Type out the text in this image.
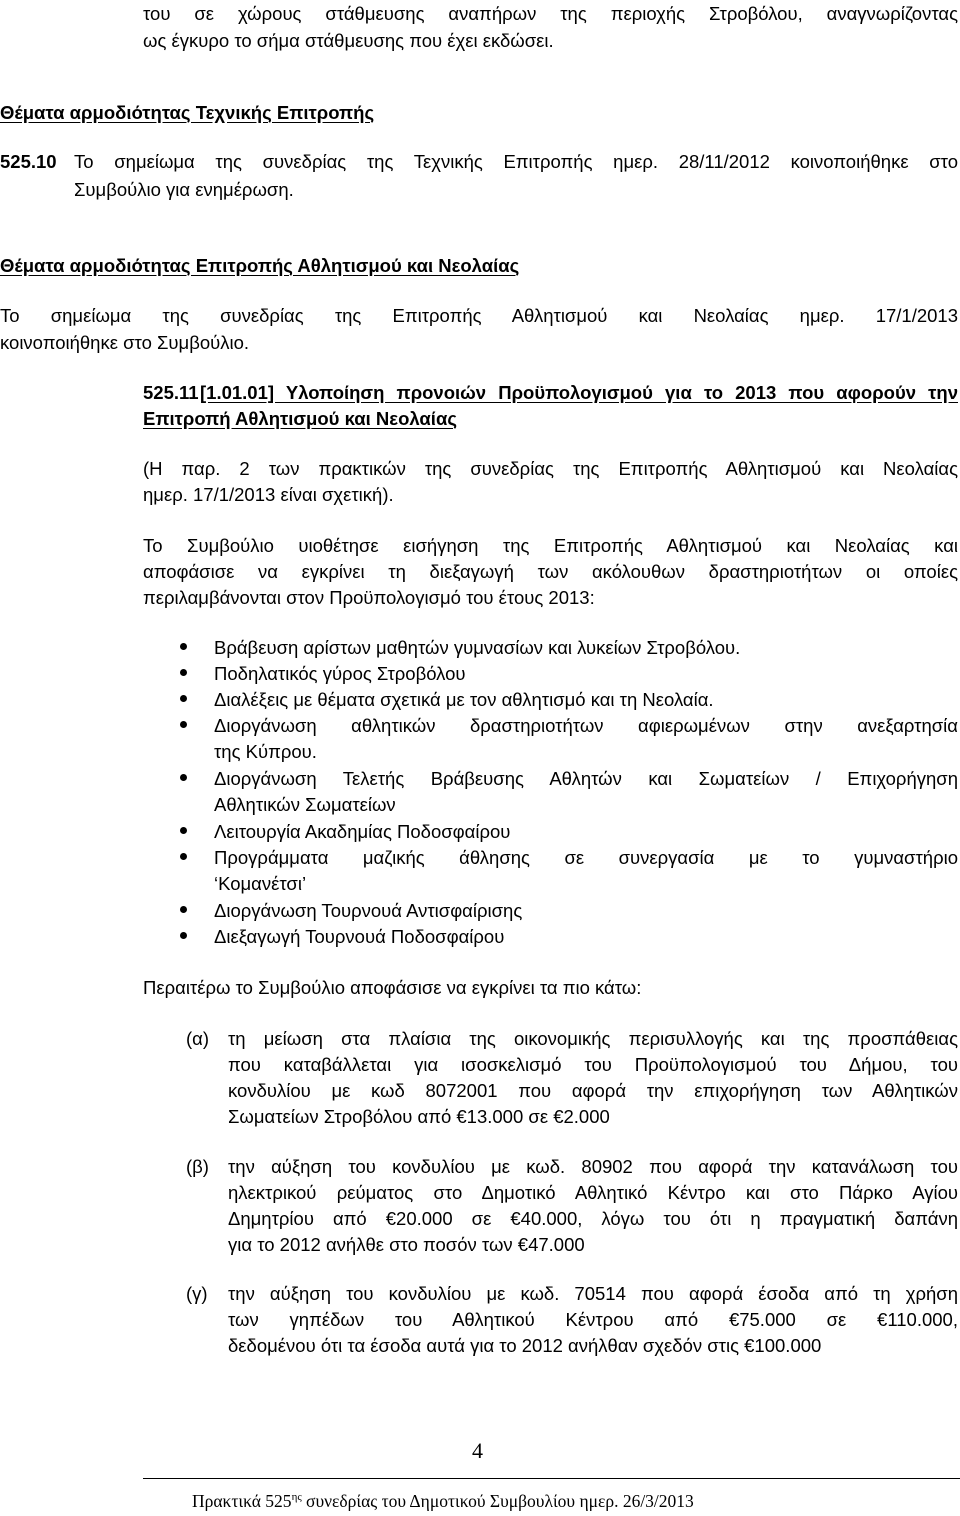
του σε χώρους στάθμευσης αναπήρων της περιοχής Στροβόλου, αναγνωρίζοντας
ως έγκυρο το σήμα στάθμευσης που έχει εκδώσει.
Θέματα αρμοδιότητας Τεχνικής Επιτροπής
525.10 Το σημείωμα της συνεδρίας της Τεχνικής Επιτροπής ημερ. 28/11/2012 κοινοποιήθηκε στο
Συμβούλιο για ενημέρωση.
Θέματα αρμοδιότητας Επιτροπής Αθλητισμού και Νεολαίας
Το σημείωμα της συνεδρίας της Επιτροπής Αθλητισμού και Νεολαίας ημερ. 17/1/2013
κοινοποιήθηκε στο Συμβούλιο.
525.11 [1.01.01] Υλοποίηση προνοιών Προϋπολογισμού για το 2013 που αφορούν την
Επιτροπή Αθλητισμού και Νεολαίας
(Η παρ. 2 των πρακτικών της συνεδρίας της Επιτροπής Αθλητισμού και Νεολαίας
ημερ. 17/1/2013 είναι σχετική).
Το Συμβούλιο υιοθέτησε εισήγηση της Επιτροπής Αθλητισμού και Νεολαίας και
αποφάσισε να εγκρίνει τη διεξαγωγή των ακόλουθων δραστηριοτήτων οι οποίες
περιλαμβάνονται στον Προϋπολογισμό του έτους 2013:
Βράβευση αρίστων μαθητών γυμνασίων και λυκείων Στροβόλου.
Ποδηλατικός γύρος Στροβόλου
Διαλέξεις με θέματα σχετικά με τον αθλητισμό και τη Νεολαία.
Διοργάνωση αθλητικών δραστηριοτήτων αφιερωμένων στην ανεξαρτησία
της Κύπρου.
Διοργάνωση Τελετής Βράβευσης Αθλητών και Σωματείων / Επιχορήγηση
Αθλητικών Σωματείων
Λειτουργία Ακαδημίας Ποδοσφαίρου
Προγράμματα μαζικής άθλησης σε συνεργασία με το γυμναστήριο
‘Κομανέτσι’
Διοργάνωση Τουρνουά Αντισφαίρισης
Διεξαγωγή Τουρνουά Ποδοσφαίρου
Περαιτέρω το Συμβούλιο αποφάσισε να εγκρίνει τα πιο κάτω:
(α) τη μείωση στα πλαίσια της οικονομικής περισυλλογής και της προσπάθειας
που καταβάλλεται για ισοσκελισμό του Προϋπολογισμού του Δήμου, του
κονδυλίου με κωδ 8072001 που αφορά την επιχορήγηση των Αθλητικών
Σωματείων Στροβόλου από €13.000 σε €2.000
(β) την αύξηση του κονδυλίου με κωδ. 80902 που αφορά την κατανάλωση του
ηλεκτρικού ρεύματος στο Δημοτικό Αθλητικό Κέντρο και στο Πάρκο Αγίου
Δημητρίου από €20.000 σε €40.000, λόγω του ότι η πραγματική δαπάνη
για το 2012 ανήλθε στο ποσόν των €47.000
(γ) την αύξηση του κονδυλίου με κωδ. 70514 που αφορά έσοδα από τη χρήση
των γηπέδων του Αθλητικού Κέντρου από €75.000 σε €110.000,
δεδομένου ότι τα έσοδα αυτά για το 2012 ανήλθαν σχεδόν στις €100.000
4
Πρακτικά $525^{\eta\varsigma}$ συνεδρίας του Δημοτικού Συμβουλίου ημερ. 26/3/2013
